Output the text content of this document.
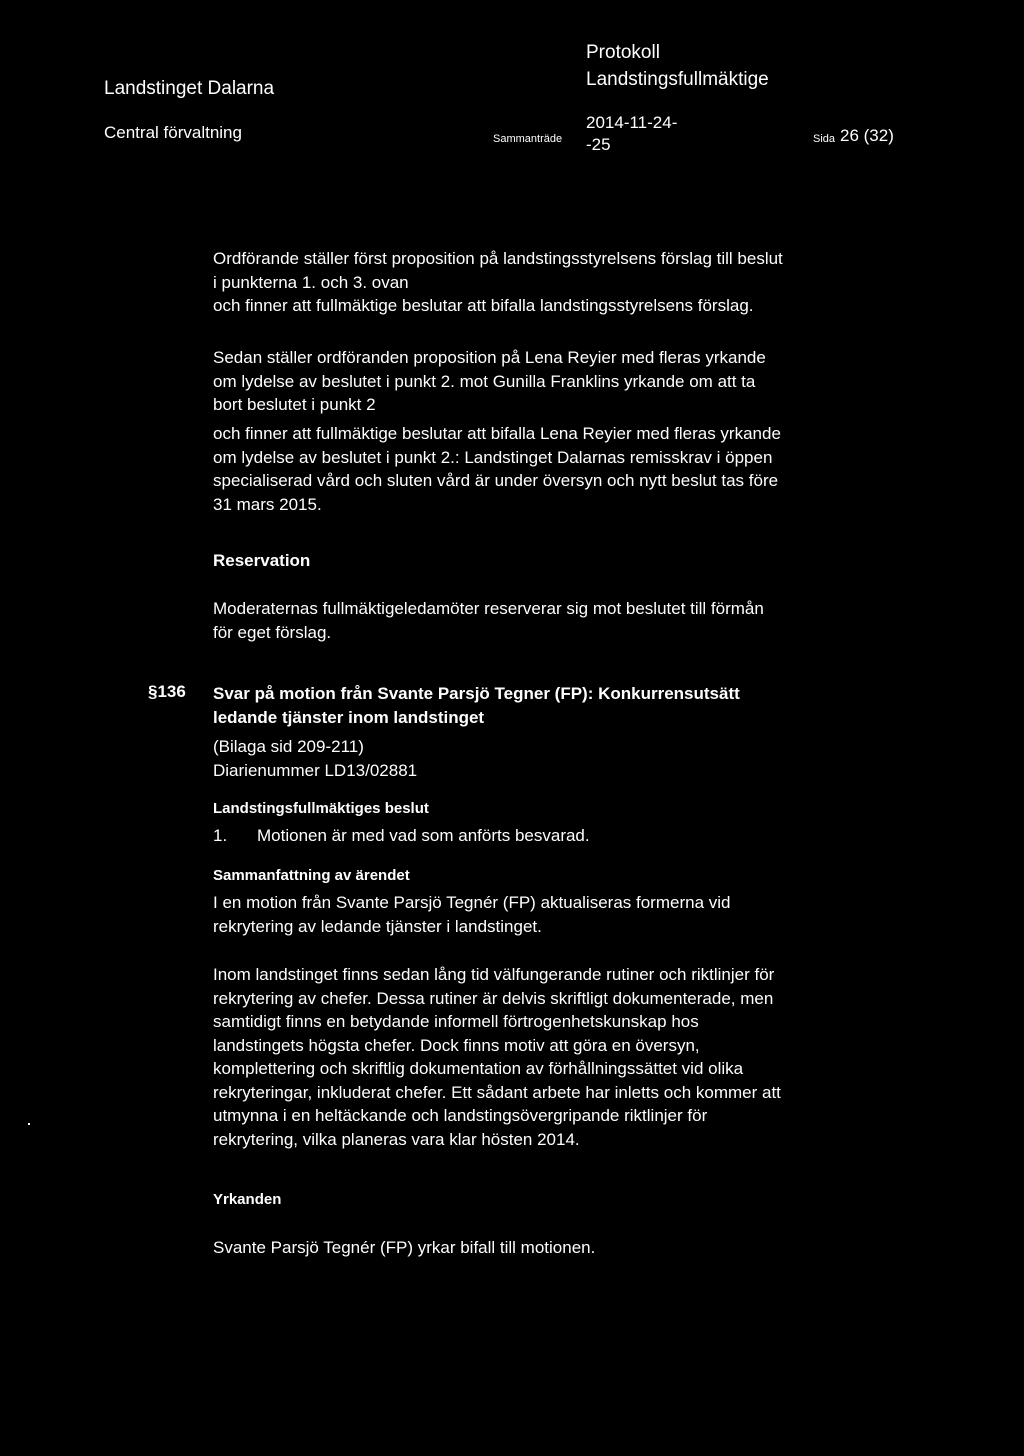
Landstinget Dalarna
Protokoll
Landstingsfullmäktige
Central förvaltning	Sammanträde
2014-11-24-
-25	Sida 26 (32)
Ordförande ställer först proposition på landstingsstyrelsens förslag till beslut
i punkterna 1. och 3. ovan
och finner att fullmäktige beslutar att bifalla landstingsstyrelsens förslag.
Sedan ställer ordföranden proposition på Lena Reyier med fleras yrkande
om lydelse av beslutet i punkt 2. mot Gunilla Franklins yrkande om att ta
bort beslutet i punkt 2
och finner att fullmäktige beslutar att bifalla Lena Reyier med fleras yrkande
om lydelse av beslutet i punkt 2.: Landstinget Dalarnas remisskrav i öppen
specialiserad vård och sluten vård är under översyn och nytt beslut tas före
31 mars 2015.
Reservation
Moderaternas fullmäktigeledamöter reserverar sig mot beslutet till förmån
för eget förslag.
§136 Svar på motion från Svante Parsjö Tegner (FP): Konkurrensutsätt
ledande tjänster inom landstinget
(Bilaga sid 209-211)
Diarienummer LD13/02881
Landstingsfullmäktiges beslut
1. Motionen är med vad som anförts besvarad.
Sammanfattning av ärendet
I en motion från Svante Parsjö Tegnér (FP) aktualiseras formerna vid
rekrytering av ledande tjänster i landstinget.
Inom landstinget finns sedan lång tid välfungerande rutiner och riktlinjer för
rekrytering av chefer. Dessa rutiner är delvis skriftligt dokumenterade, men
samtidigt finns en betydande informell förtrogenhetskunskap hos
landstingets högsta chefer. Dock finns motiv att göra en översyn,
komplettering och skriftlig dokumentation av förhållningssättet vid olika
rekryteringar, inkluderat chefer. Ett sådant arbete har inletts och kommer att
utmynna i en heltäckande och landstingsövergripande riktlinjer för
rekrytering, vilka planeras vara klar hösten 2014.
Yrkanden
Svante Parsjö Tegnér (FP) yrkar bifall till motionen.
